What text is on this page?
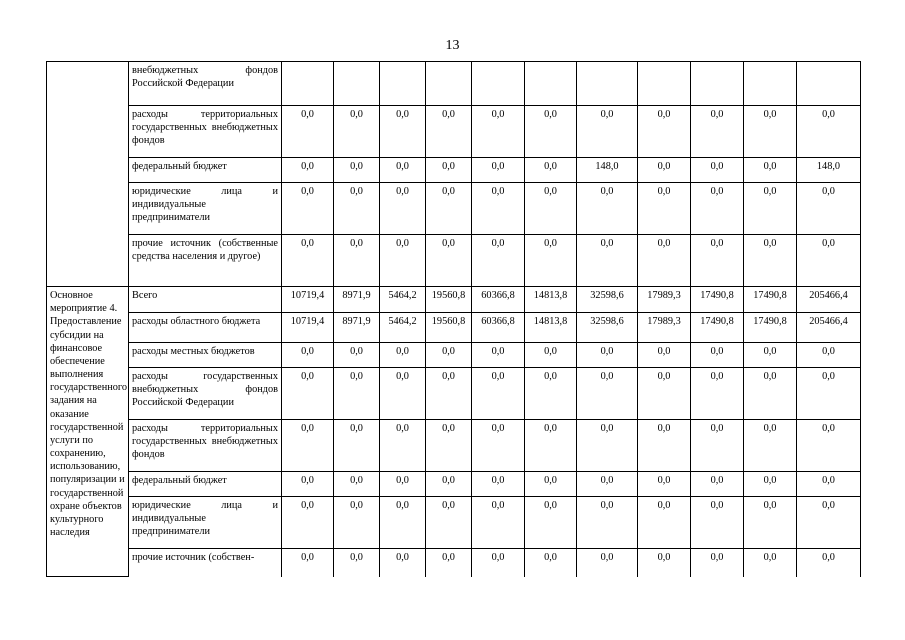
13
	внебюджетных фондов Российской Федерации											
	расходы территориальных государственных внебюджетных фондов	0,0	0,0	0,0	0,0	0,0	0,0	0,0	0,0	0,0	0,0	0,0
	федеральный бюджет	0,0	0,0	0,0	0,0	0,0	0,0	148,0	0,0	0,0	0,0	148,0
	юридические лица и индивидуальные предприниматели	0,0	0,0	0,0	0,0	0,0	0,0	0,0	0,0	0,0	0,0	0,0
	прочие источник (собственные средства населения и другое)	0,0	0,0	0,0	0,0	0,0	0,0	0,0	0,0	0,0	0,0	0,0
Основное мероприятие 4. Предоставление субсидии на финансовое обеспечение выполнения государственного задания на оказание государственной услуги по сохранению, использованию, популяризации и государственной охране объектов культурного наследия	Всего	10719,4	8971,9	5464,2	19560,8	60366,8	14813,8	32598,6	17989,3	17490,8	17490,8	205466,4
	расходы областного бюджета	10719,4	8971,9	5464,2	19560,8	60366,8	14813,8	32598,6	17989,3	17490,8	17490,8	205466,4
	расходы местных бюджетов	0,0	0,0	0,0	0,0	0,0	0,0	0,0	0,0	0,0	0,0	0,0
	расходы государственных внебюджетных фондов Российской Федерации	0,0	0,0	0,0	0,0	0,0	0,0	0,0	0,0	0,0	0,0	0,0
	расходы территориальных государственных внебюджетных фондов	0,0	0,0	0,0	0,0	0,0	0,0	0,0	0,0	0,0	0,0	0,0
	федеральный бюджет	0,0	0,0	0,0	0,0	0,0	0,0	0,0	0,0	0,0	0,0	0,0
	юридические лица и индивидуальные предприниматели	0,0	0,0	0,0	0,0	0,0	0,0	0,0	0,0	0,0	0,0	0,0
	прочие источник (собствен-	0,0	0,0	0,0	0,0	0,0	0,0	0,0	0,0	0,0	0,0	0,0
